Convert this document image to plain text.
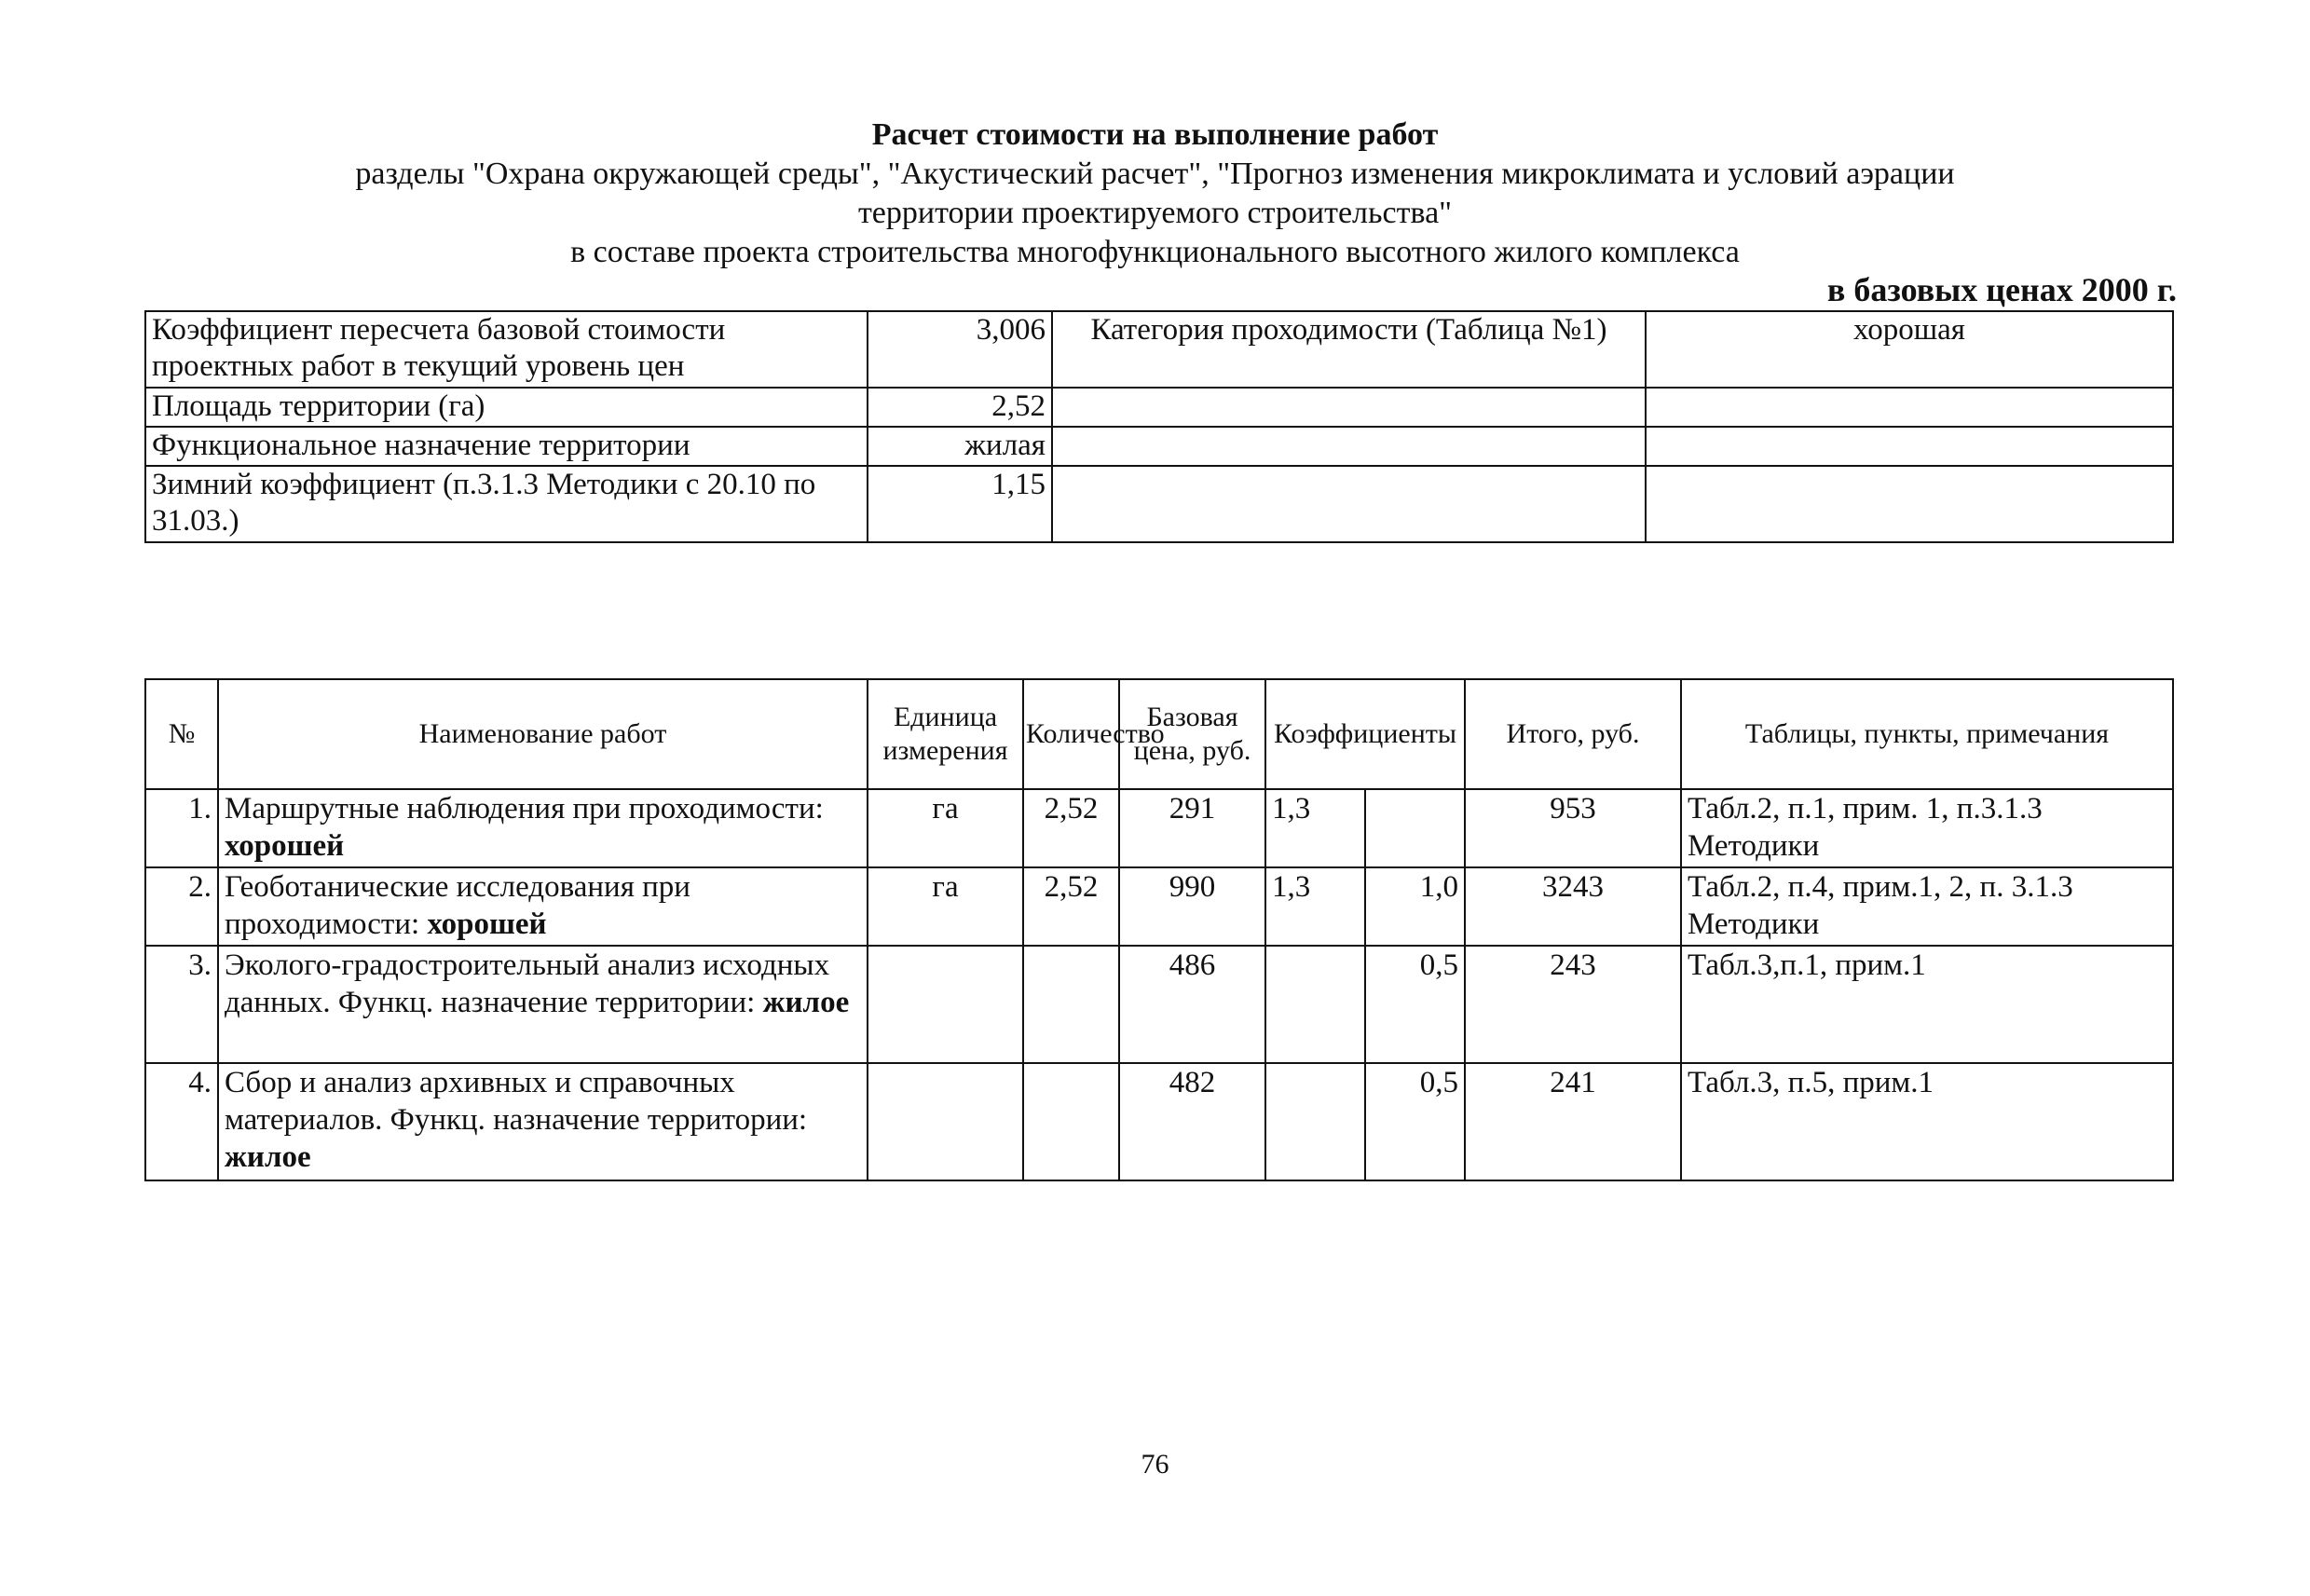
Расчет стоимости на выполнение работ
разделы "Охрана окружающей среды", "Акустический расчет", "Прогноз изменения микроклимата и условий аэрации
территории проектируемого строительства"
в составе проекта строительства многофункционального высотного жилого комплекса
в базовых ценах 2000 г.
Коэффициент пересчета базовой стоимости проектных работ в текущий уровень цен	3,006	Категория проходимости (Таблица №1)	хорошая
Площадь территории (га)	2,52		
Функциональное назначение территории	жилая		
Зимний коэффициент (п.3.1.3 Методики с 20.10 по 31.03.)	1,15		
№	Наименование работ	Единица измерения	Количество	Базовая цена, руб.	Коэффициенты		Итого, руб.	Таблицы, пункты, примечания
1.	Маршрутные наблюдения при проходимости: хорошей	га	2,52	291	1,3		953	Табл.2, п.1, прим. 1, п.3.1.3 Методики
2.	Геоботанические исследования при проходимости: хорошей	га	2,52	990	1,3	1,0	3243	Табл.2, п.4, прим.1, 2, п. 3.1.3 Методики
3.	Эколого-градостроительный анализ исходных данных. Функц. назначение территории: жилое			486		0,5	243	Табл.3,п.1, прим.1
4.	Сбор и анализ архивных и справочных материалов. Функц. назначение территории: жилое			482		0,5	241	Табл.3, п.5, прим.1
76
